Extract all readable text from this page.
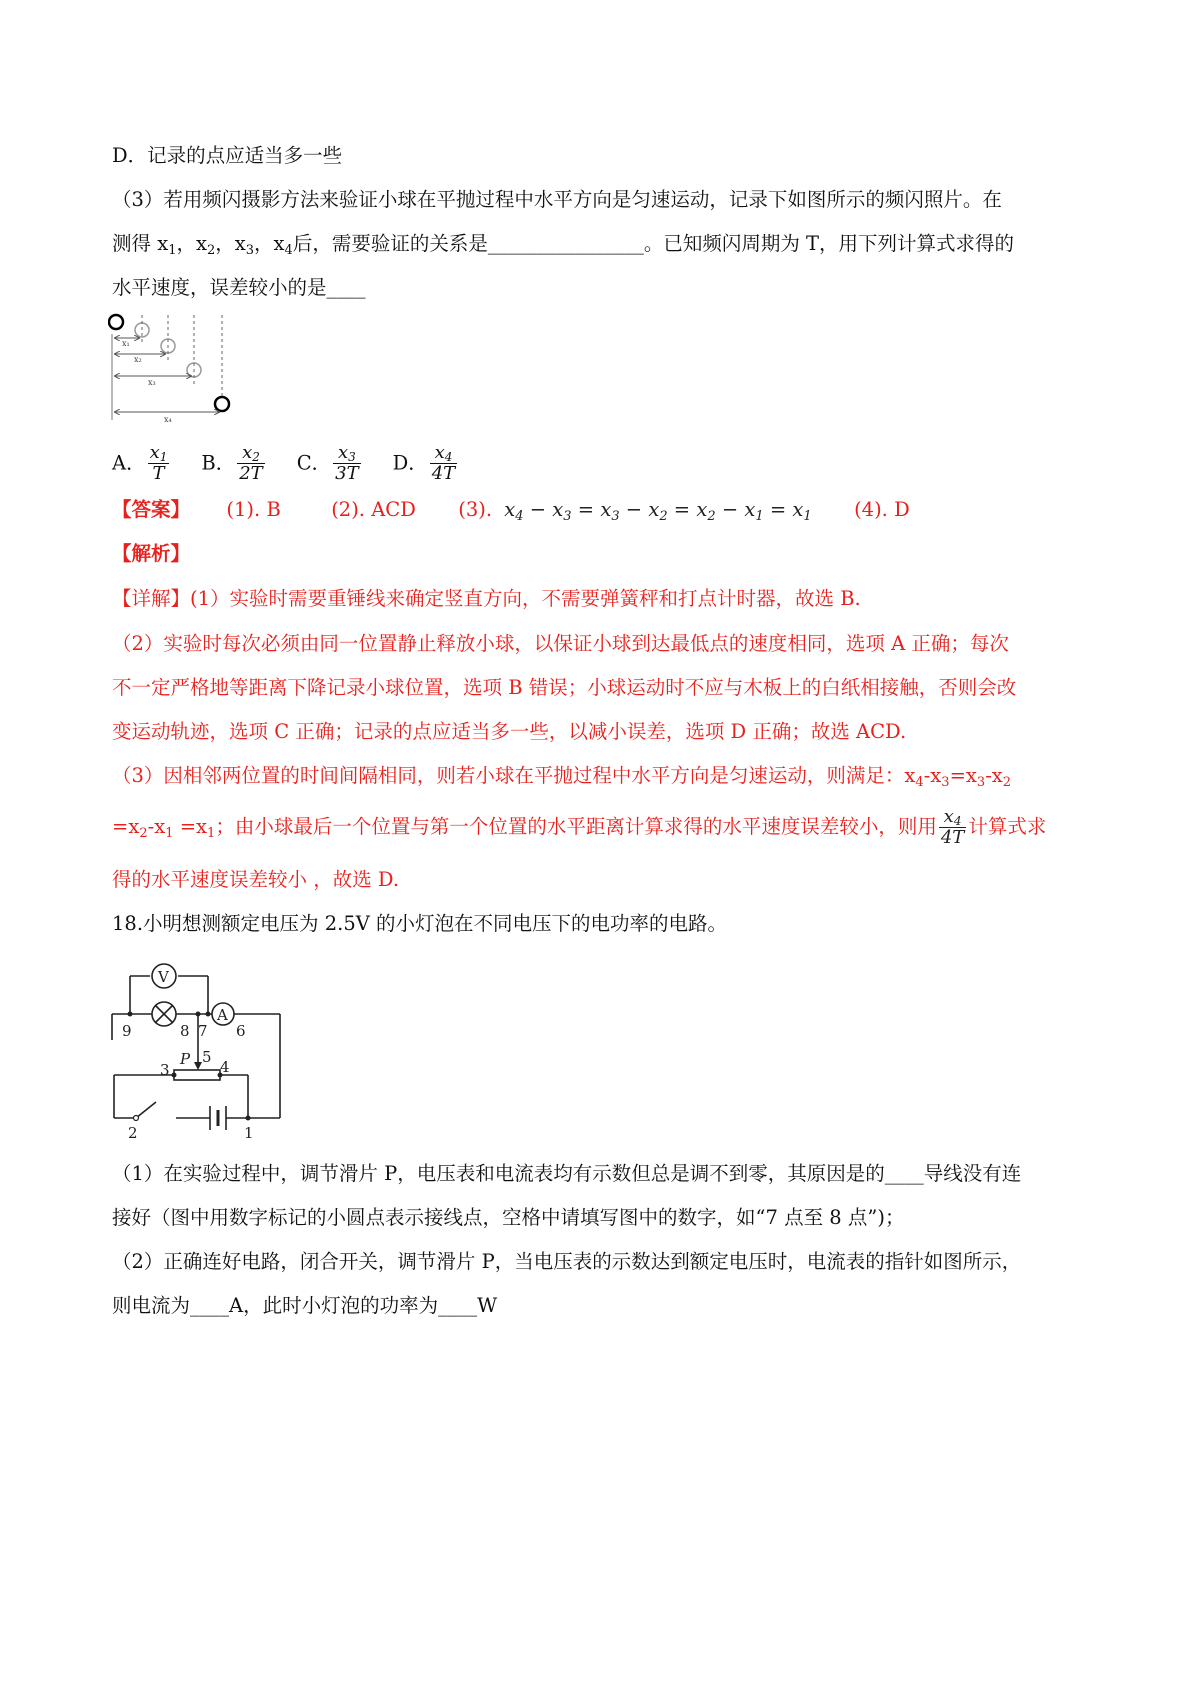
D．记录的点应适当多一些
（3）若用频闪摄影方法来验证小球在平抛过程中水平方向是匀速运动，记录下如图所示的频闪照片。在
测得 $x_1$，$x_2$，$x_3$，$x_4$后，需要验证的关系是________________。已知频闪周期为 T，用下列计算式求得的
水平速度，误差较小的是____
x₁
x₂
x₃
x₄
A． $\frac{x_1}{T}$ B． $\frac{x_2}{2T}$ C． $\frac{x_3}{3T}$ D． $\frac{x_4}{4T}$
【答案】 (1). B	(2). ACD (3). $x_4 - x_3 = x_3 - x_2 = x_2 - x_1 = x_1$ (4). D
【解析】
【详解】(1）实验时需要重锤线来确定竖直方向，不需要弹簧秤和打点计时器，故选 B.
（2）实验时每次必须由同一位置静止释放小球，以保证小球到达最低点的速度相同，选项 A 正确；每次
不一定严格地等距离下降记录小球位置，选项 B 错误；小球运动时不应与木板上的白纸相接触，否则会改
变运动轨迹，选项 C 正确；记录的点应适当多一些，以减小误差，选项 D 正确；故选 ACD.
（3）因相邻两位置的时间间隔相同，则若小球在平抛过程中水平方向是匀速运动，则满足：$x_4-x_3=x_3-x_2$
$=x_2-x_1 =x_1$；由小球最后一个位置与第一个位置的水平距离计算求得的水平速度误差较小，则用 $\frac{x_4}{4T}$ 计算式求
得的水平速度误差较小 ，故选 D.
18.小明想测额定电压为 2.5V 的小灯泡在不同电压下的电功率的电路。
V
A
P
9	8 7 6
5
3	4
2	1
（1）在实验过程中，调节滑片 P，电压表和电流表均有示数但总是调不到零，其原因是的____导线没有连
接好（图中用数字标记的小圆点表示接线点，空格中请填写图中的数字，如“7 点至 8 点”)；
（2）正确连好电路，闭合开关，调节滑片 P，当电压表的示数达到额定电压时，电流表的指针如图所示，
则电流为____A，此时小灯泡的功率为____W
